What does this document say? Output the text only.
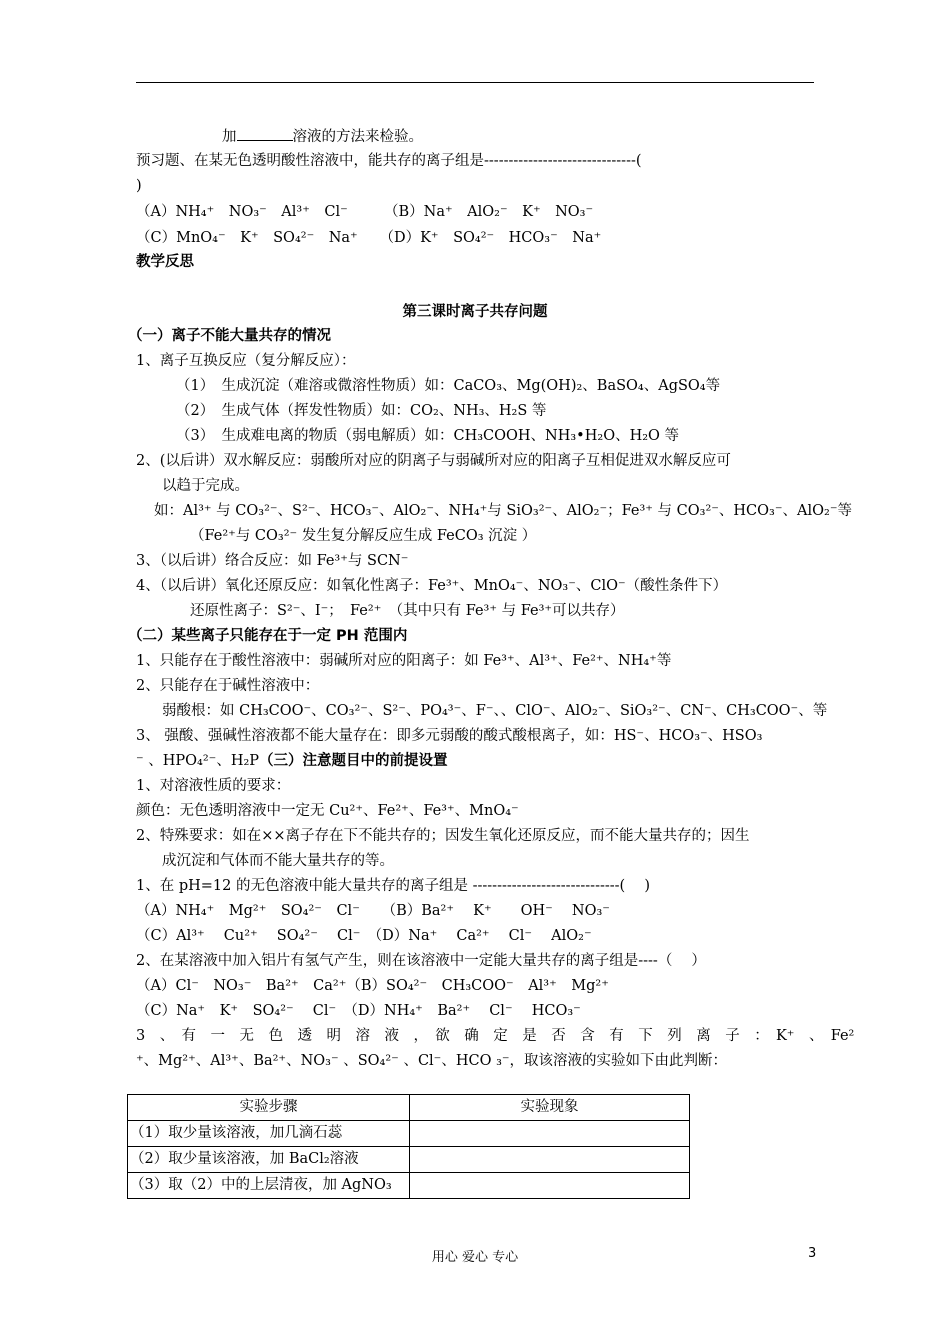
加	溶液的方法来检验。
预习题、在某无色透明酸性溶液中，能共存的离子组是-------------------------------(
)
（A）NH₄⁺　NO₃⁻　Al³⁺　Cl⁻　　　（B）Na⁺　AlO₂⁻　K⁺　NO₃⁻
（C）MnO₄⁻　K⁺　SO₄²⁻　Na⁺　　（D）K⁺　SO₄²⁻　HCO₃⁻　Na⁺
教学反思
第三课时离子共存问题
（一）离子不能大量共存的情况
1、离子互换反应（复分解反应）：
（1）　生成沉淀（难溶或微溶性物质）如：CaCO₃、Mg(OH)₂、BaSO₄、AgSO₄等
（2）　生成气体（挥发性物质）如：CO₂、NH₃、H₂S 等
（3）　生成难电离的物质（弱电解质）如：CH₃COOH、NH₃•H₂O、H₂O 等
2、(以后讲）双水解反应：弱酸所对应的阴离子与弱碱所对应的阳离子互相促进双水解反应可
以趋于完成。
如：Al³⁺ 与 CO₃²⁻、S²⁻、HCO₃⁻、AlO₂⁻、NH₄⁺与 SiO₃²⁻、AlO₂⁻；Fe³⁺ 与 CO₃²⁻、HCO₃⁻、AlO₂⁻等
（Fe²⁺与 CO₃²⁻ 发生复分解反应生成 FeCO₃ 沉淀 ）
3、（以后讲）络合反应：如 Fe³⁺与 SCN⁻
4、（以后讲）氧化还原反应：如氧化性离子：Fe³⁺、MnO₄⁻、NO₃⁻、ClO⁻（酸性条件下）
还原性离子：S²⁻、I⁻；　Fe²⁺　（其中只有 Fe³⁺ 与 Fe³⁺可以共存）
（二）某些离子只能存在于一定 PH 范围内
1、只能存在于酸性溶液中：弱碱所对应的阳离子：如 Fe³⁺、Al³⁺、Fe²⁺、NH₄⁺等
2、只能存在于碱性溶液中：
弱酸根：如 CH₃COO⁻、CO₃²⁻、S²⁻、PO₄³⁻、F⁻、、ClO⁻、AlO₂⁻、SiO₃²⁻、CN⁻、CH₃COO⁻、等
3、 强酸、强碱性溶液都不能大量存在：即多元弱酸的酸式酸根离子，如：HS⁻、HCO₃⁻、HSO₃
⁻ 、HPO₄²⁻、H₂P（三）注意题目中的前提设置
1、对溶液性质的要求：
颜色：无色透明溶液中一定无 Cu²⁺、Fe²⁺、Fe³⁺、MnO₄⁻
2、特殊要求：如在××离子存在下不能共存的；因发生氧化还原反应，而不能大量共存的；因生
成沉淀和气体而不能大量共存的等。
1、在 pH=12 的无色溶液中能大量共存的离子组是 ------------------------------(　 )
（A）NH₄⁺　Mg²⁺　SO₄²⁻　Cl⁻　　（B）Ba²⁺　 K⁺　　OH⁻　 NO₃⁻
（C）Al³⁺　 Cu²⁺　 SO₄²⁻　 Cl⁻　（D）Na⁺　 Ca²⁺　 Cl⁻　 AlO₂⁻
2、在某溶液中加入铝片有氢气产生，则在该溶液中一定能大量共存的离子组是----（　 ）
（A）Cl⁻　NO₃⁻　Ba²⁺　Ca²⁺（B）SO₄²⁻　CH₃COO⁻　Al³⁺　Mg²⁺
（C）Na⁺　K⁺　SO₄²⁻　 Cl⁻　（D）NH₄⁺　Ba²⁺　 Cl⁻　 HCO₃⁻
3　、　有　一　无　色　透　明　溶　液　，　欲　确　定　是　否　含　有　下　列　离　子　：　K⁺　、　Fe²
⁺、Mg²⁺、Al³⁺、Ba²⁺、NO₃⁻ 、SO₄²⁻ 、Cl⁻、HCO ₃⁻，取该溶液的实验如下由此判断：
实验步骤	实验现象
（1）取少量该溶液，加几滴石蕊	
（2）取少量该溶液，加 BaCl₂溶液	
（3）取（2）中的上层清夜，加 AgNO₃	
用心 爱心 专心	3
